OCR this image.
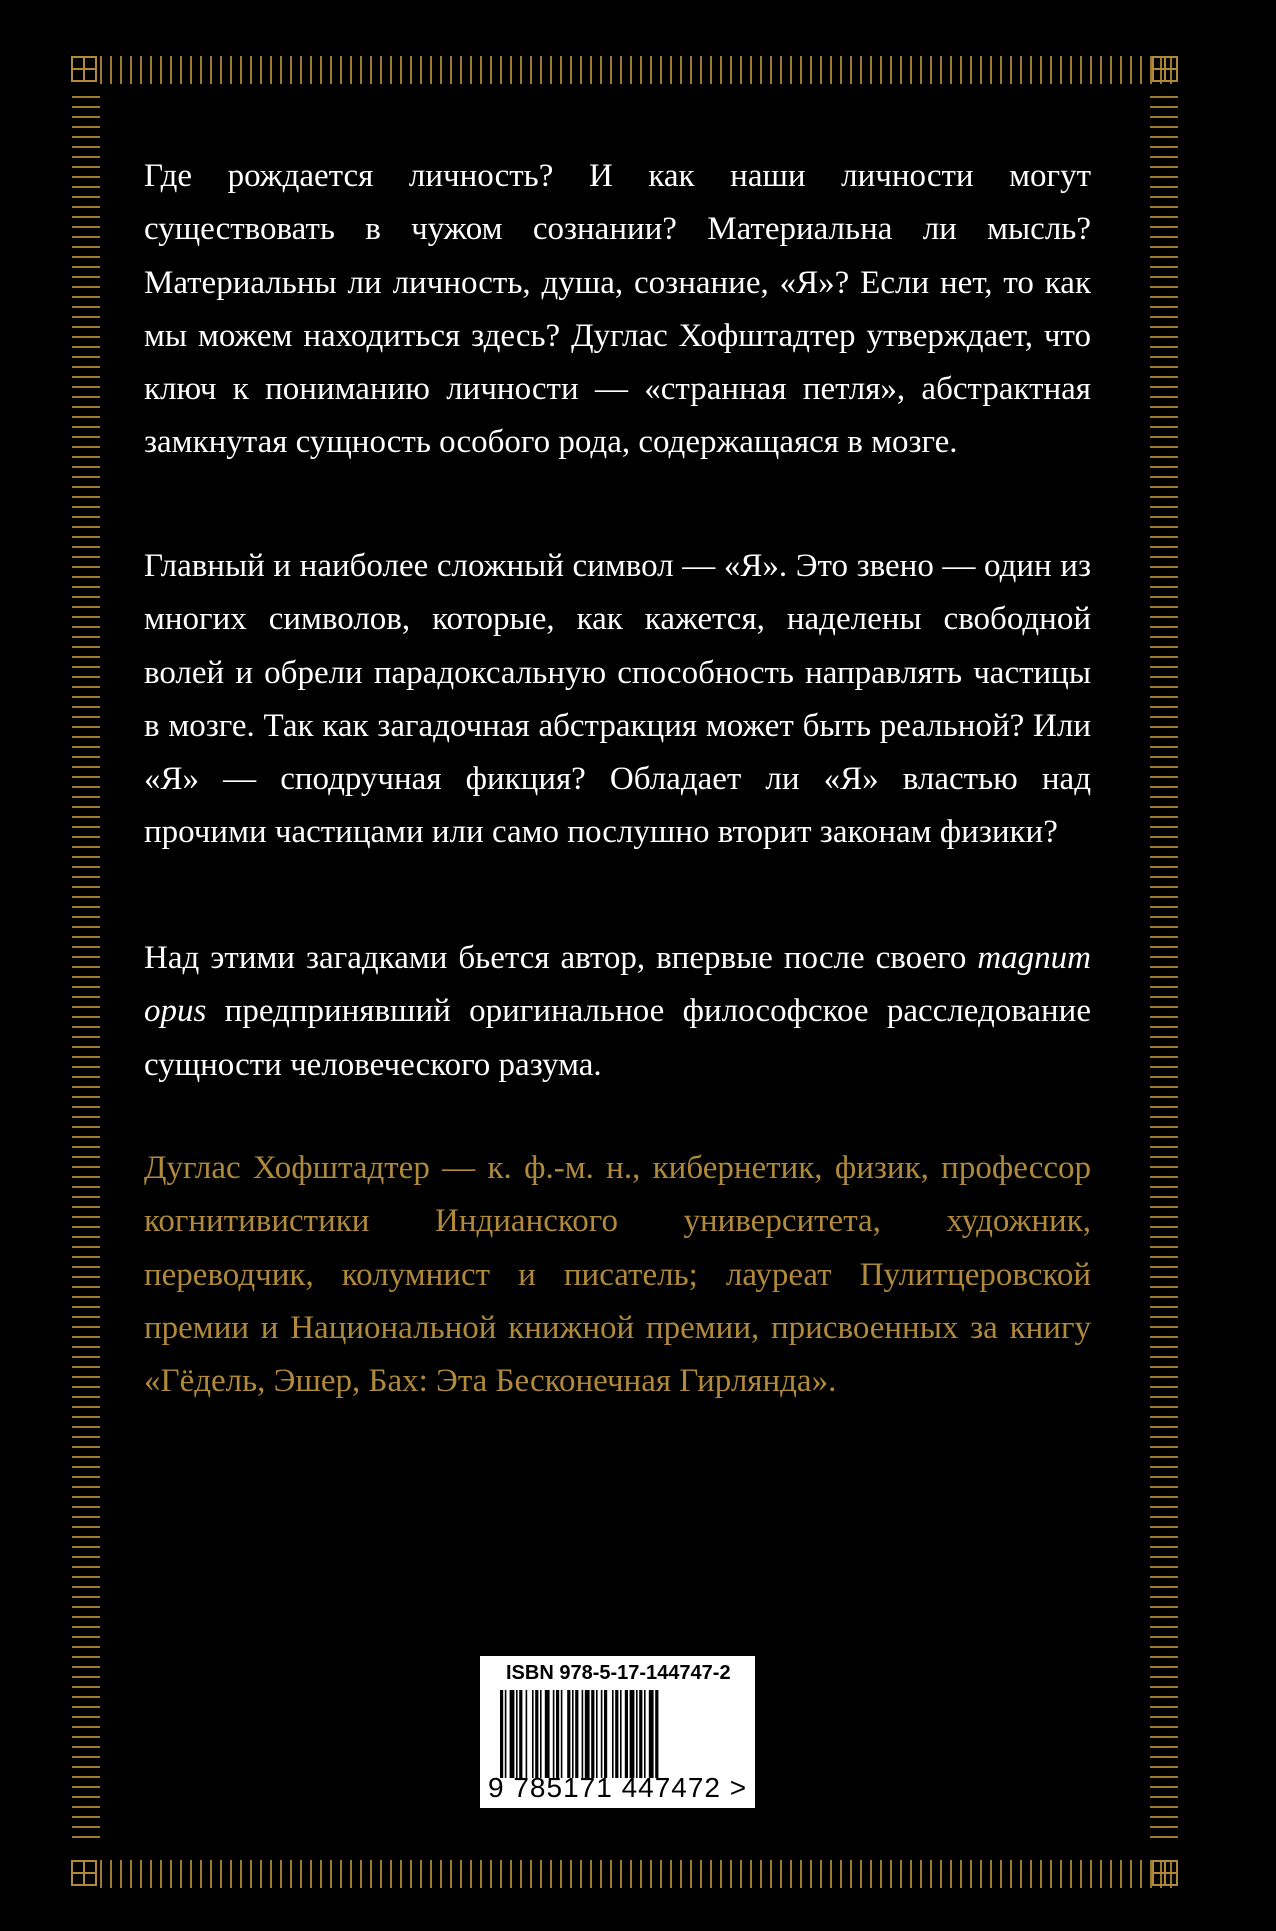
Где рождается личность? И как наши личности могут существовать в чужом сознании? Материальна ли мысль? Материальны ли личность, душа, сознание, «Я»? Если нет, то как мы можем находиться здесь? Дуглас Хофштадтер утверждает, что ключ к пониманию личности — «странная петля», абстрактная замкнутая сущность особого рода, содержащаяся в мозге.

Главный и наиболее сложный символ — «Я». Это звено — один из многих символов, которые, как кажется, наделены свободной волей и обрели парадоксальную способность направлять частицы в мозге. Так как загадочная абстракция может быть реальной? Или «Я» — сподручная фикция? Обладает ли «Я» властью над прочими частицами или само послушно вторит законам физики?

Над этими загадками бьется автор, впервые после своего magnum opus предпринявший оригинальное философское расследование сущности человеческого разума.

Дуглас Хофштадтер — к. ф.-м. н., кибернетик, физик, профессор когнитивистики Индианского университета, художник, переводчик, колумнист и писатель; лауреат Пулитцеровской премии и Национальной книжной премии, присвоенных за книгу «Гёдель, Эшер, Бах: Эта Бесконечная Гирлянда».

ISBN 978-5-17-144747-2
9 785171 447472 >
